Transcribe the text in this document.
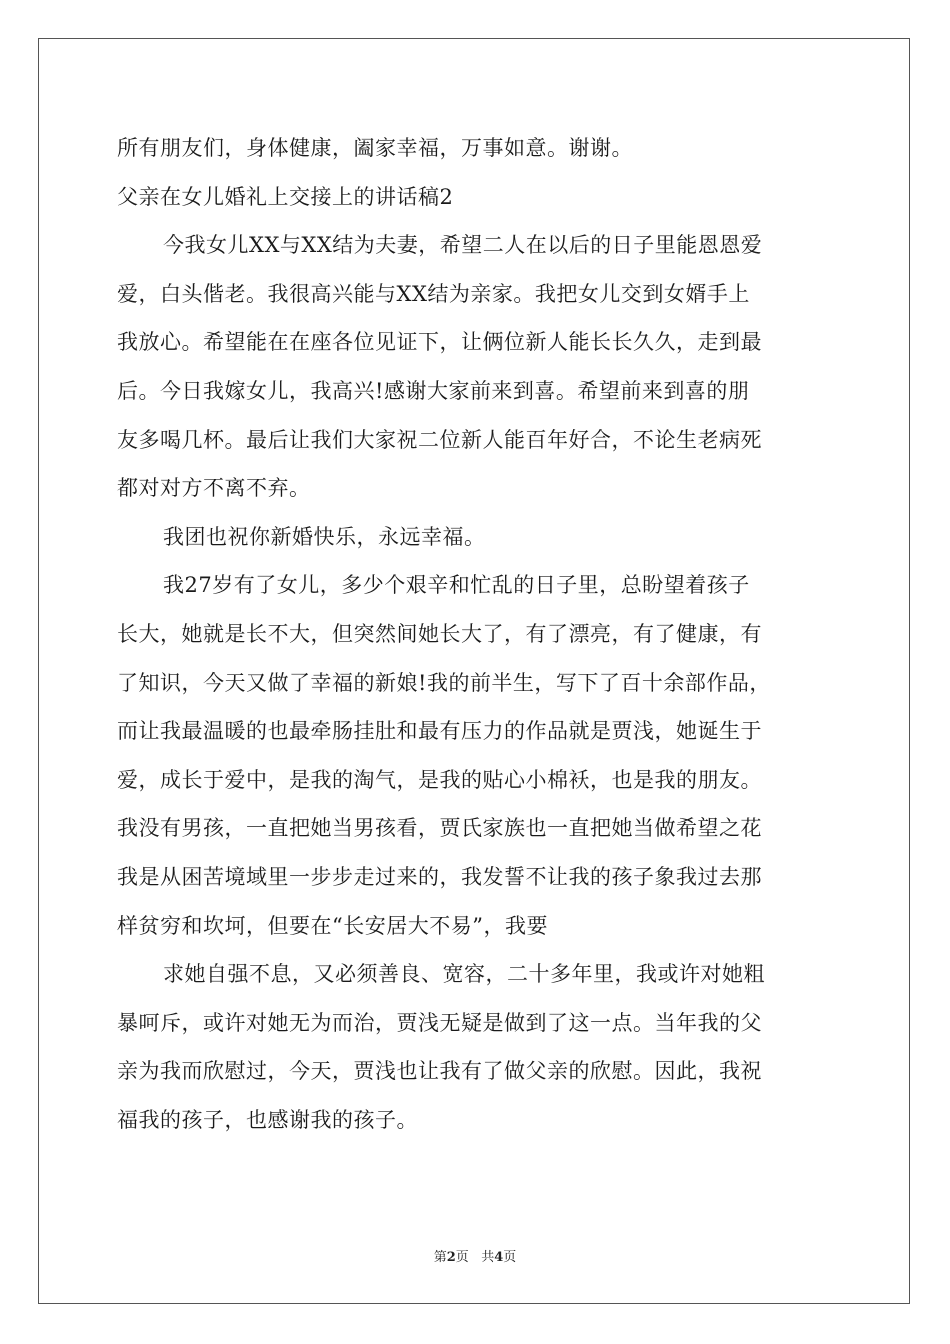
所有朋友们，身体健康，阖家幸福，万事如意。谢谢。
父亲在女儿婚礼上交接上的讲话稿2
今我女儿XX与XX结为夫妻，希望二人在以后的日子里能恩恩爱
爱，白头偕老。我很高兴能与XX结为亲家。我把女儿交到女婿手上
我放心。希望能在在座各位见证下，让俩位新人能长长久久，走到最
后。今日我嫁女儿，我高兴!感谢大家前来到喜。希望前来到喜的朋
友多喝几杯。最后让我们大家祝二位新人能百年好合，不论生老病死
都对对方不离不弃。
我团也祝你新婚快乐，永远幸福。
我27岁有了女儿，多少个艰辛和忙乱的日子里，总盼望着孩子
长大，她就是长不大，但突然间她长大了，有了漂亮，有了健康，有
了知识，今天又做了幸福的新娘!我的前半生，写下了百十余部作品，
而让我最温暖的也最牵肠挂肚和最有压力的作品就是贾浅，她诞生于
爱，成长于爱中，是我的淘气，是我的贴心小棉袄，也是我的朋友。
我没有男孩，一直把她当男孩看，贾氏家族也一直把她当做希望之花
我是从困苦境域里一步步走过来的，我发誓不让我的孩子象我过去那
样贫穷和坎坷，但要在“长安居大不易”，我要
求她自强不息，又必须善良、宽容，二十多年里，我或许对她粗
暴呵斥，或许对她无为而治，贾浅无疑是做到了这一点。当年我的父
亲为我而欣慰过，今天，贾浅也让我有了做父亲的欣慰。因此，我祝
福我的孩子，也感谢我的孩子。
第2页 共4页
